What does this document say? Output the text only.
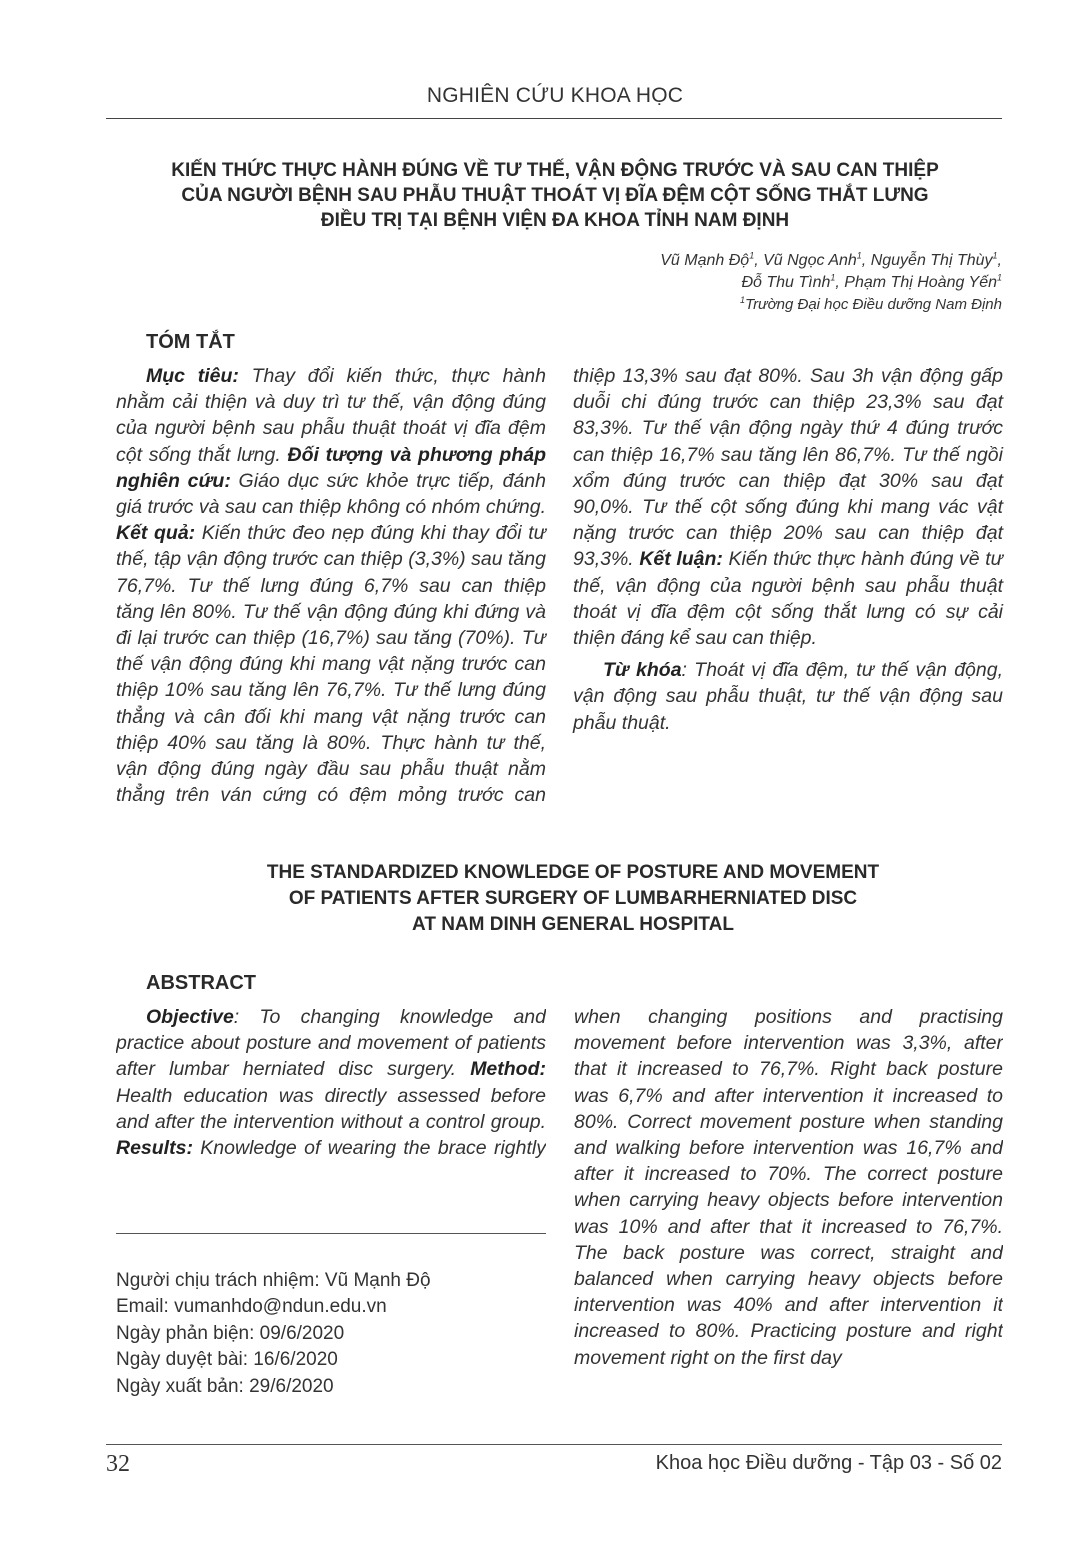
NGHIÊN CỨU KHOA HỌC
KIẾN THỨC THỰC HÀNH ĐÚNG VỀ TƯ THẾ, VẬN ĐỘNG TRƯỚC VÀ SAU CAN THIỆP
CỦA NGƯỜI BỆNH SAU PHẪU THUẬT THOÁT VỊ ĐĨA ĐỆM CỘT SỐNG THẮT LƯNG
ĐIỀU TRỊ TẠI BỆNH VIỆN ĐA KHOA TỈNH NAM ĐỊNH
Vũ Mạnh Độ$^1$, Vũ Ngọc Anh$^1$, Nguyễn Thị Thùy$^1$,
Đỗ Thu Tình$^1$, Phạm Thị Hoàng Yến$^1$
$^1$Trường Đại học Điều dưỡng Nam Định
TÓM TẮT

Mục tiêu: Thay đổi kiến thức, thực hành nhằm cải thiện và duy trì tư thế, vận động đúng của người bệnh sau phẫu thuật thoát vị đĩa đệm cột sống thắt lưng. Đối tượng và phương pháp nghiên cứu: Giáo dục sức khỏe trực tiếp, đánh giá trước và sau can thiệp không có nhóm chứng. Kết quả: Kiến thức đeo nẹp đúng khi thay đổi tư thế, tập vận động trước can thiệp (3,3%) sau tăng 76,7%. Tư thế lưng đúng 6,7% sau can thiệp tăng lên 80%. Tư thế vận động đúng khi đứng và đi lại trước can thiệp (16,7%) sau tăng (70%). Tư thế vận động đúng khi mang vật nặng trước can thiệp 10% sau tăng lên 76,7%. Tư thế lưng đúng thẳng và cân đối khi mang vật nặng trước can thiệp 40% sau tăng là 80%. Thực hành tư thế, vận động đúng ngày đầu sau phẫu thuật nằm thẳng trên ván cứng có đệm mỏng trước can thiệp 13,3% sau đạt 80%. Sau 3h vận động gấp duỗi chi đúng trước can thiệp 23,3% sau đạt 83,3%. Tư thế vận động ngày thứ 4 đúng trước can thiệp 16,7% sau tăng lên 86,7%. Tư thế ngồi xổm đúng trước can thiệp đạt 30% sau đạt 90,0%. Tư thế cột sống đúng khi mang vác vật nặng trước can thiệp 20% sau can thiệp đạt 93,3%. Kết luận: Kiến thức thực hành đúng về tư thế, vận động của người bệnh sau phẫu thuật thoát vị đĩa đệm cột sống thắt lưng có sự cải thiện đáng kể sau can thiệp.

Từ khóa: Thoát vị đĩa đệm, tư thế vận động, vận động sau phẫu thuật, tư thế vận động sau phẫu thuật.

THE STANDARDIZED KNOWLEDGE OF POSTURE AND MOVEMENT
OF PATIENTS AFTER SURGERY OF LUMBARHERNIATED DISC
AT NAM DINH GENERAL HOSPITAL
ABSTRACT

Objective: To changing knowledge and practice about posture and movement of patients after lumbar herniated disc surgery. Method: Health education was directly assessed before and after the intervention without a control group. Results: Knowledge of wearing the brace rightly

Người chịu trách nhiệm: Vũ Mạnh Độ
Email: vumanhdo@ndun.edu.vn
Ngày phản biện: 09/6/2020
Ngày duyệt bài: 16/6/2020
Ngày xuất bản: 29/6/2020
32	Khoa học Điều dưỡng - Tập 03 - Số 02

when changing positions and practising movement before intervention was 3,3%, after that it increased to 76,7%. Right back posture was 6,7% and after intervention it increased to 80%. Correct movement posture when standing and walking before intervention was 16,7% and after it increased to 70%. The correct posture when carrying heavy objects before intervention was 10% and after that it increased to 76,7%. The back posture was correct, straight and balanced when carrying heavy objects before intervention was 40% and after intervention it increased to 80%. Practicing posture and right movement right on the first day
